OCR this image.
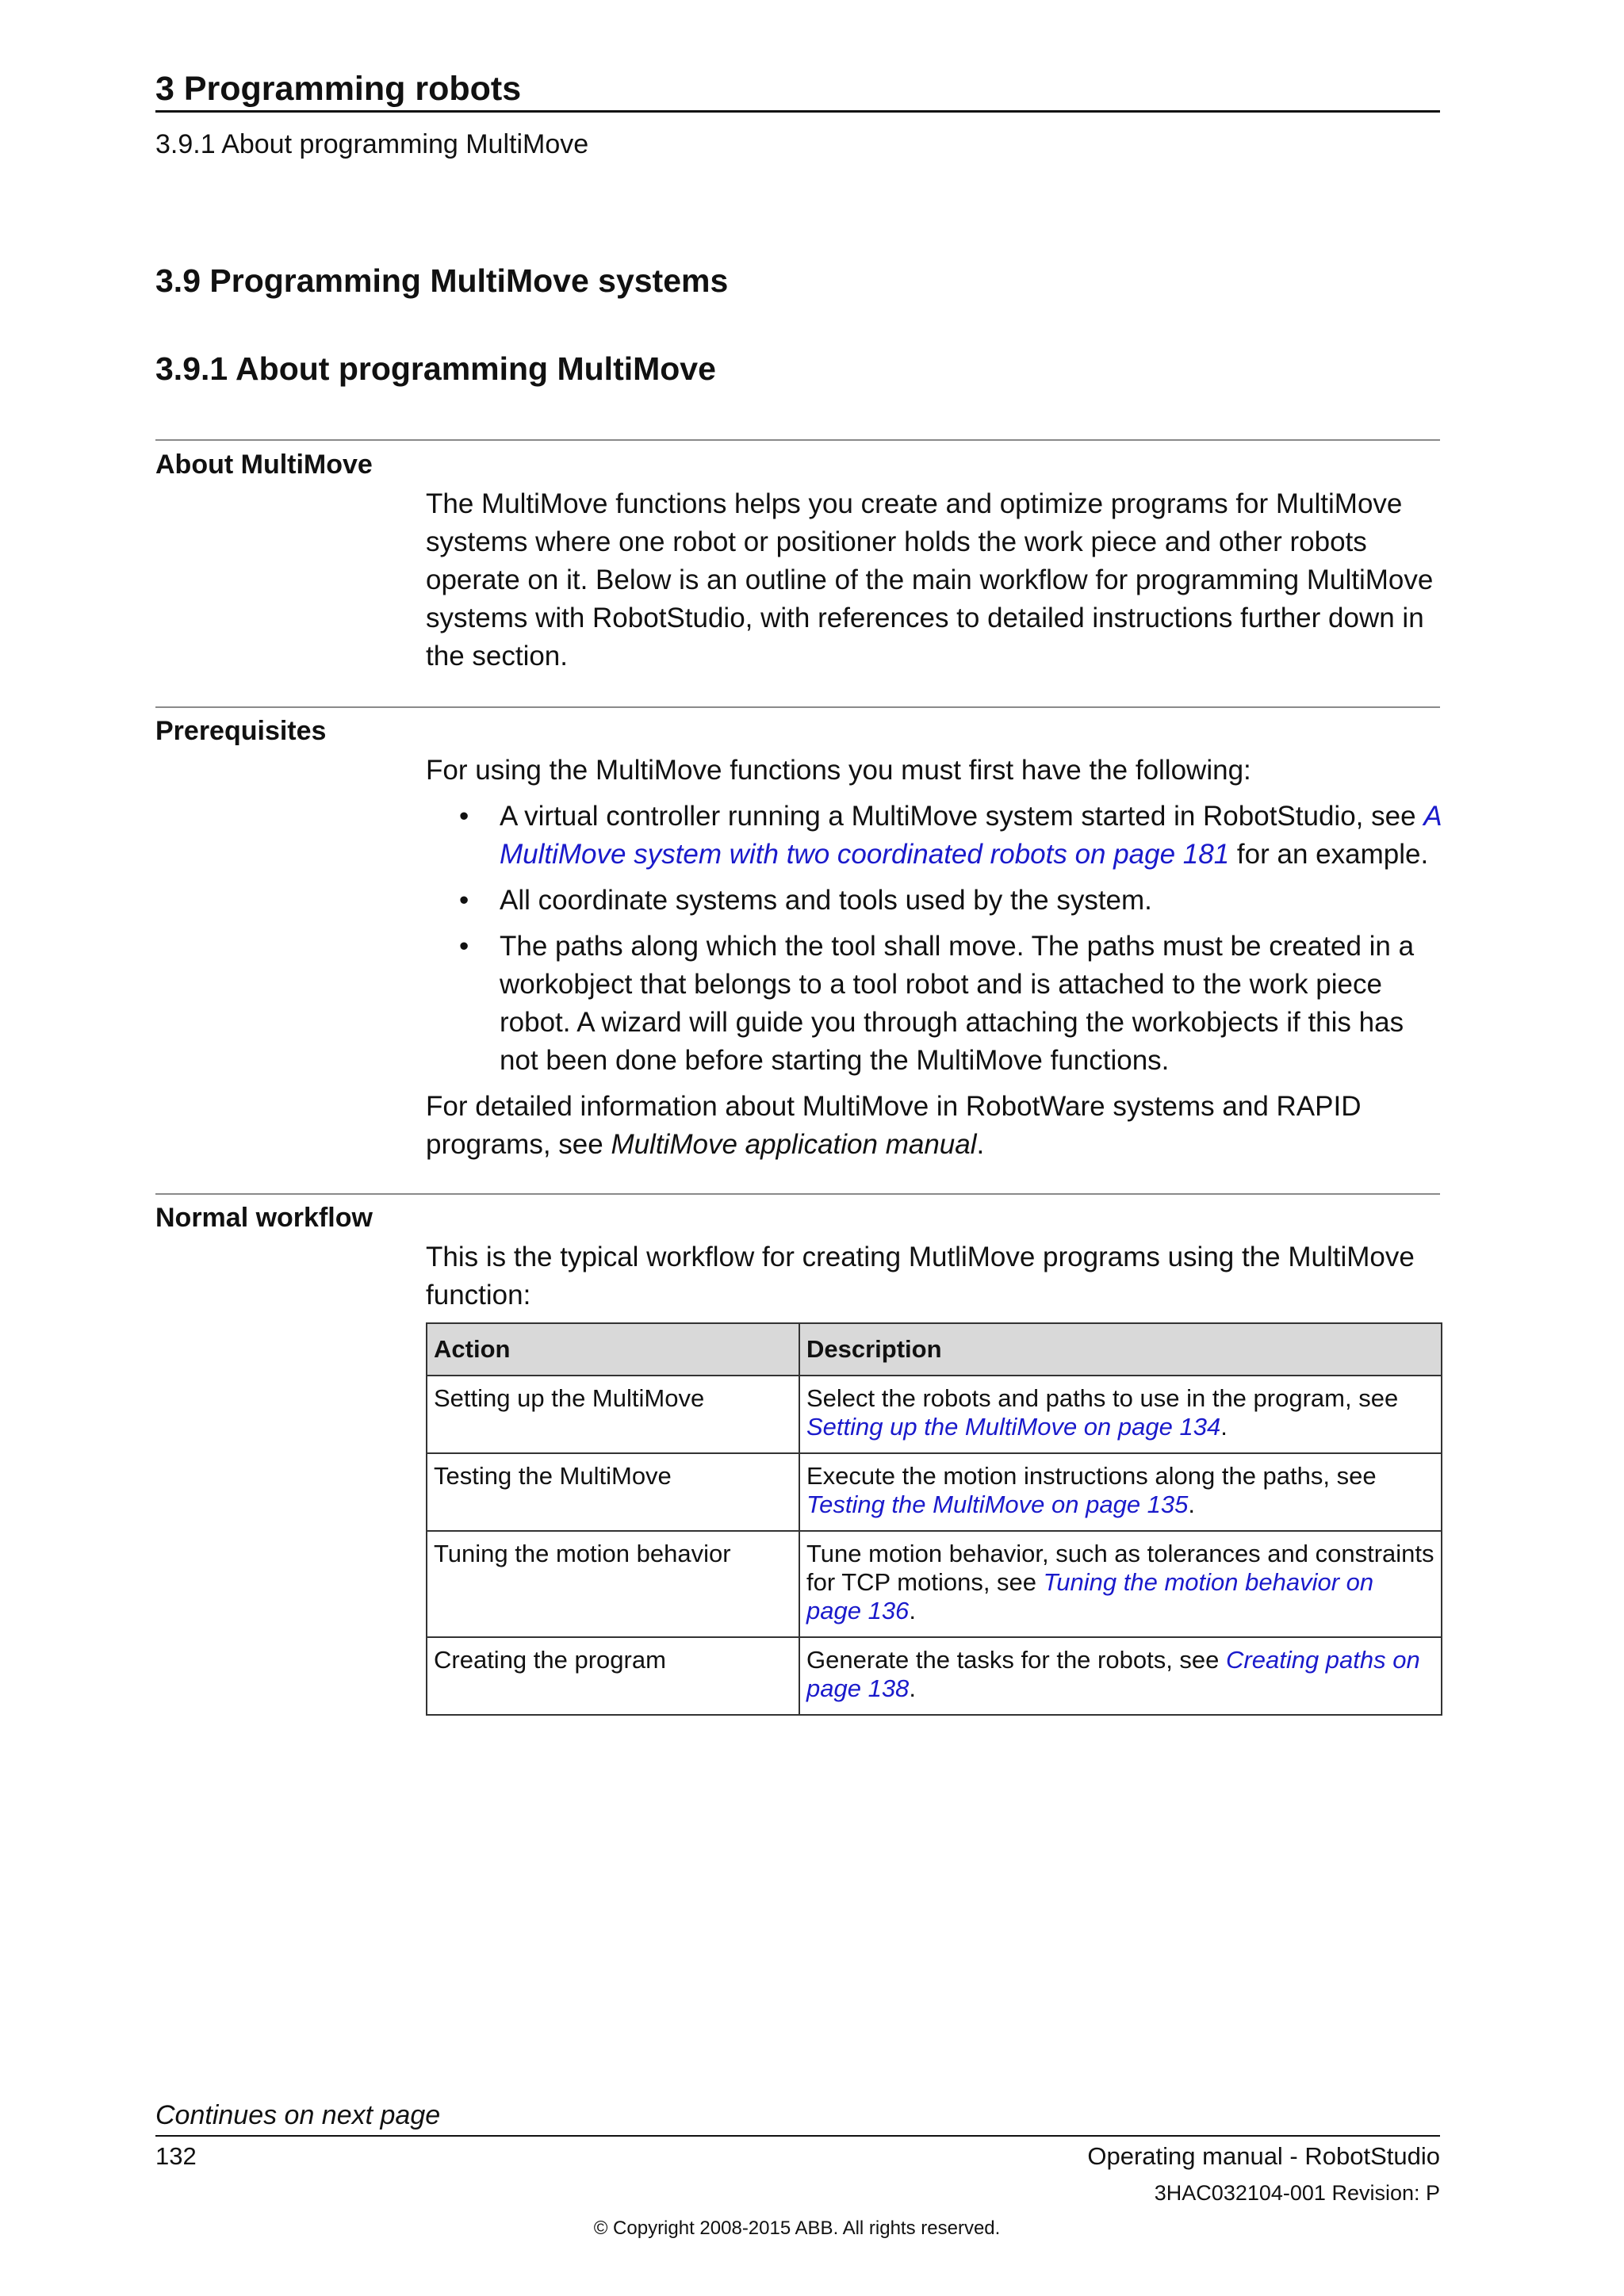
3 Programming robots
3.9.1 About programming MultiMove
3.9 Programming MultiMove systems
3.9.1 About programming MultiMove
About MultiMove

The MultiMove functions helps you create and optimize programs for MultiMove systems where one robot or positioner holds the work piece and other robots operate on it. Below is an outline of the main workflow for programming MultiMove systems with RobotStudio, with references to detailed instructions further down in the section.

Prerequisites

For using the MultiMove functions you must first have the following:

• A virtual controller running a MultiMove system started in RobotStudio, see A MultiMove system with two coordinated robots on page 181 for an example.
• All coordinate systems and tools used by the system.
• The paths along which the tool shall move. The paths must be created in a workobject that belongs to a tool robot and is attached to the work piece robot. A wizard will guide you through attaching the workobjects if this has not been done before starting the MultiMove functions.

For detailed information about MultiMove in RobotWare systems and RAPID programs, see MultiMove application manual.

Normal workflow

This is the typical workflow for creating MutliMove programs using the MultiMove function:

Action	Description
Setting up the MultiMove	Select the robots and paths to use in the program, see Setting up the MultiMove on page 134.
Testing the MultiMove	Execute the motion instructions along the paths, see Testing the MultiMove on page 135.
Tuning the motion behavior	Tune motion behavior, such as tolerances and constraints for TCP motions, see Tuning the motion behavior on page 136.
Creating the program	Generate the tasks for the robots, see Creating paths on page 138.
Continues on next page
132	Operating manual - RobotStudio
3HAC032104-001 Revision: P
© Copyright 2008-2015 ABB. All rights reserved.
